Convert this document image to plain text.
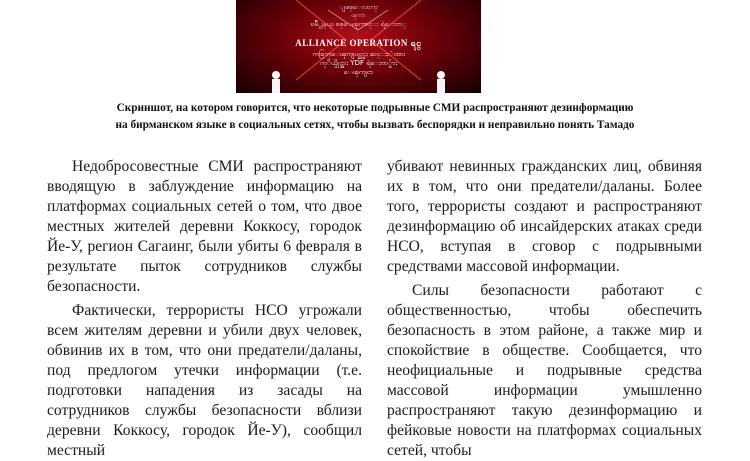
ျဖစ္ေလာက္
ၾကာ
ၿမိဳ႕နယ္ စစ္ေၾကာင္း ရဲေဘာ္
ALLIANCE OPERATION ရင္
ကခြက္ေၾကျပင္ဆင္မႈ ဆင္ႏႊဲထား
ကုိယ္ပိုင္အား YDF ရဲေဘာ္မ်ား
ေၾကျငာ
Скриншот, на котором говорится, что некоторые подрывные СМИ распространяют дезинформацию на бирманском языке в социальных сетях, чтобы вызвать беспорядки и неправильно понять Тамадо

Недобросовестные СМИ распространяют вводящую в заблуждение информацию на платформах социальных сетей о том, что двое местных жителей деревни Коккосу, городок Йе-У, регион Сагаинг, были убиты 6 февраля в результате пыток сотрудников службы безопасности.

Фактически, террористы НСО угрожали всем жителям деревни и убили двух человек, обвинив их в том, что они предатели/даланы, под предлогом утечки информации (т.е. подготовки нападения из засады на сотрудников службы безопасности вблизи деревни Коккосу, городок Йе-У), сообщил местный

убивают невинных гражданских лиц, обвиняя их в том, что они предатели/даланы. Более того, террористы создают и распространяют дезинформацию об инсайдерских атаках среди НСО, вступая в сговор с подрывными средствами массовой информации.

Силы безопасности работают с общественностью, чтобы обеспечить безопасность в этом районе, а также мир и спокойствие в обществе. Сообщается, что неофициальные и подрывные средства массовой информации умышленно распространяют такую дезинформацию и фейковые новости на платформах социальных сетей, чтобы
